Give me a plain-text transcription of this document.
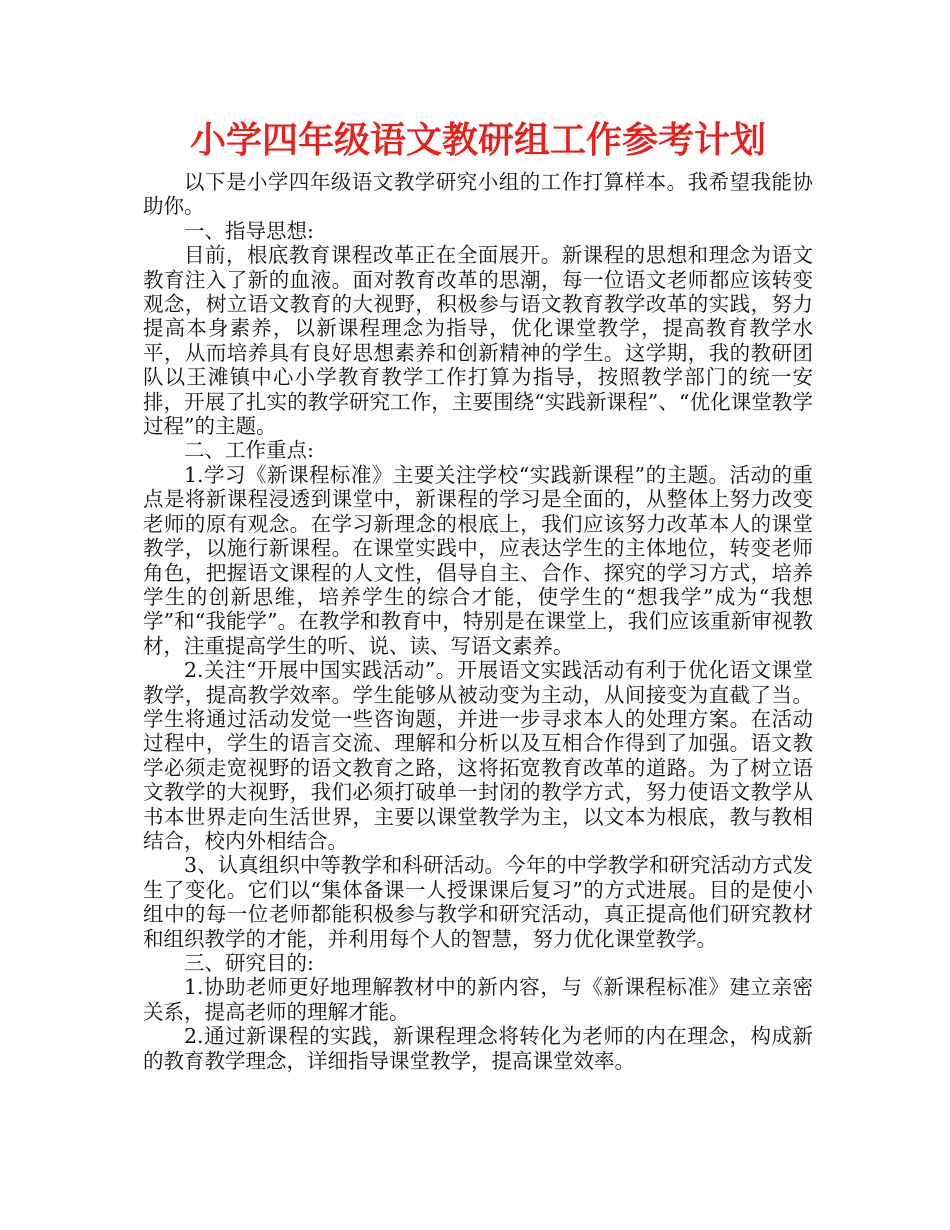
小学四年级语文教研组工作参考计划

以下是小学四年级语文教学研究小组的工作打算样本。我希望我能协助你。

一、指导思想:

目前，根底教育课程改革正在全面展开。新课程的思想和理念为语文教育注入了新的血液。面对教育改革的思潮，每一位语文老师都应该转变观念，树立语文教育的大视野，积极参与语文教育教学改革的实践，努力提高本身素养，以新课程理念为指导，优化课堂教学，提高教育教学水平，从而培养具有良好思想素养和创新精神的学生。这学期，我的教研团队以王滩镇中心小学教育教学工作打算为指导，按照教学部门的统一安排，开展了扎实的教学研究工作，主要围绕“实践新课程”、“优化课堂教学过程”的主题。

二、工作重点:

1.学习《新课程标准》主要关注学校“实践新课程”的主题。活动的重点是将新课程浸透到课堂中，新课程的学习是全面的，从整体上努力改变老师的原有观念。在学习新理念的根底上，我们应该努力改革本人的课堂教学，以施行新课程。在课堂实践中，应表达学生的主体地位，转变老师角色，把握语文课程的人文性，倡导自主、合作、探究的学习方式，培养学生的创新思维，培养学生的综合才能，使学生的“想我学”成为“我想学”和“我能学”。在教学和教育中，特别是在课堂上，我们应该重新审视教材，注重提高学生的听、说、读、写语文素养。

2.关注“开展中国实践活动”。开展语文实践活动有利于优化语文课堂教学，提高教学效率。学生能够从被动变为主动，从间接变为直截了当。学生将通过活动发觉一些咨询题，并进一步寻求本人的处理方案。在活动过程中，学生的语言交流、理解和分析以及互相合作得到了加强。语文教学必须走宽视野的语文教育之路，这将拓宽教育改革的道路。为了树立语文教学的大视野，我们必须打破单一封闭的教学方式，努力使语文教学从书本世界走向生活世界，主要以课堂教学为主，以文本为根底，教与教相结合，校内外相结合。

3、认真组织中等教学和科研活动。今年的中学教学和研究活动方式发生了变化。它们以“集体备课一人授课课后复习”的方式进展。目的是使小组中的每一位老师都能积极参与教学和研究活动，真正提高他们研究教材和组织教学的才能，并利用每个人的智慧，努力优化课堂教学。

三、研究目的:

1.协助老师更好地理解教材中的新内容，与《新课程标准》建立亲密关系，提高老师的理解才能。

2.通过新课程的实践，新课程理念将转化为老师的内在理念，构成新的教育教学理念，详细指导课堂教学，提高课堂效率。
